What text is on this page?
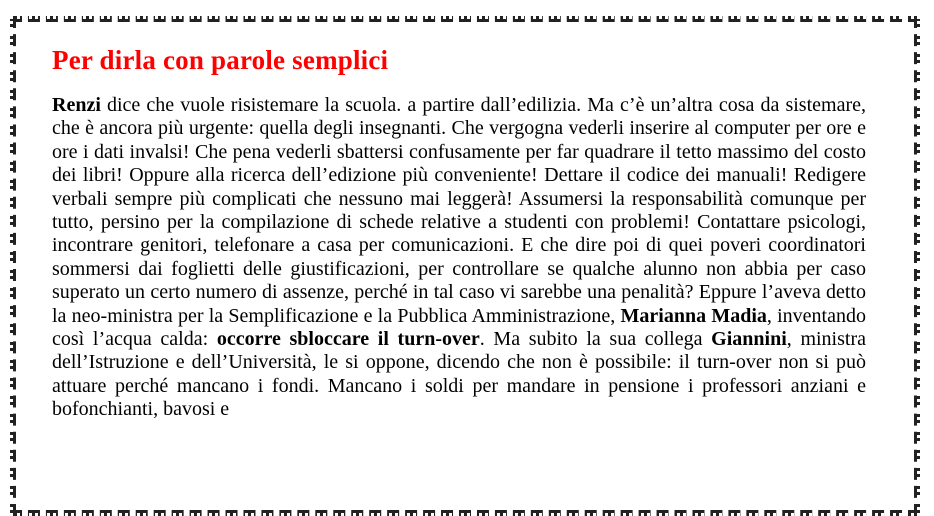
Per dirla con parole semplici

Renzi dice che vuole risistemare la scuola. a partire dall’edilizia. Ma c’è un’altra cosa da sistemare, che è ancora più urgente: quella degli insegnanti. Che vergogna vederli inserire al computer per ore e ore i dati invalsi! Che pena vederli sbattersi confusamente per far quadrare il tetto massimo del costo dei libri! Oppure alla ricerca dell’edizione più conveniente! Dettare il codice dei manuali! Redigere verbali sempre più complicati che nessuno mai leggerà! Assumersi la responsabilità comunque per tutto, persino per la compilazione di schede relative a studenti con problemi! Contattare psicologi, incontrare genitori, telefonare a casa per comunicazioni. E che dire poi di quei poveri coordinatori sommersi dai foglietti delle giustificazioni, per controllare se qualche alunno non abbia per caso superato un certo numero di assenze, perché in tal caso vi sarebbe una penalità? Eppure l’aveva detto la neo-ministra per la Semplificazione e la Pubblica Amministrazione, Marianna Madia, inventando così l’acqua calda: occorre sbloccare il turn-over. Ma subito la sua collega Giannini, ministra dell’Istruzione e dell’Università, le si oppone, dicendo che non è possibile: il turn-over non si può attuare perché mancano i fondi. Mancano i soldi per mandare in pensione i professori anziani e bofonchianti, bavosi e
